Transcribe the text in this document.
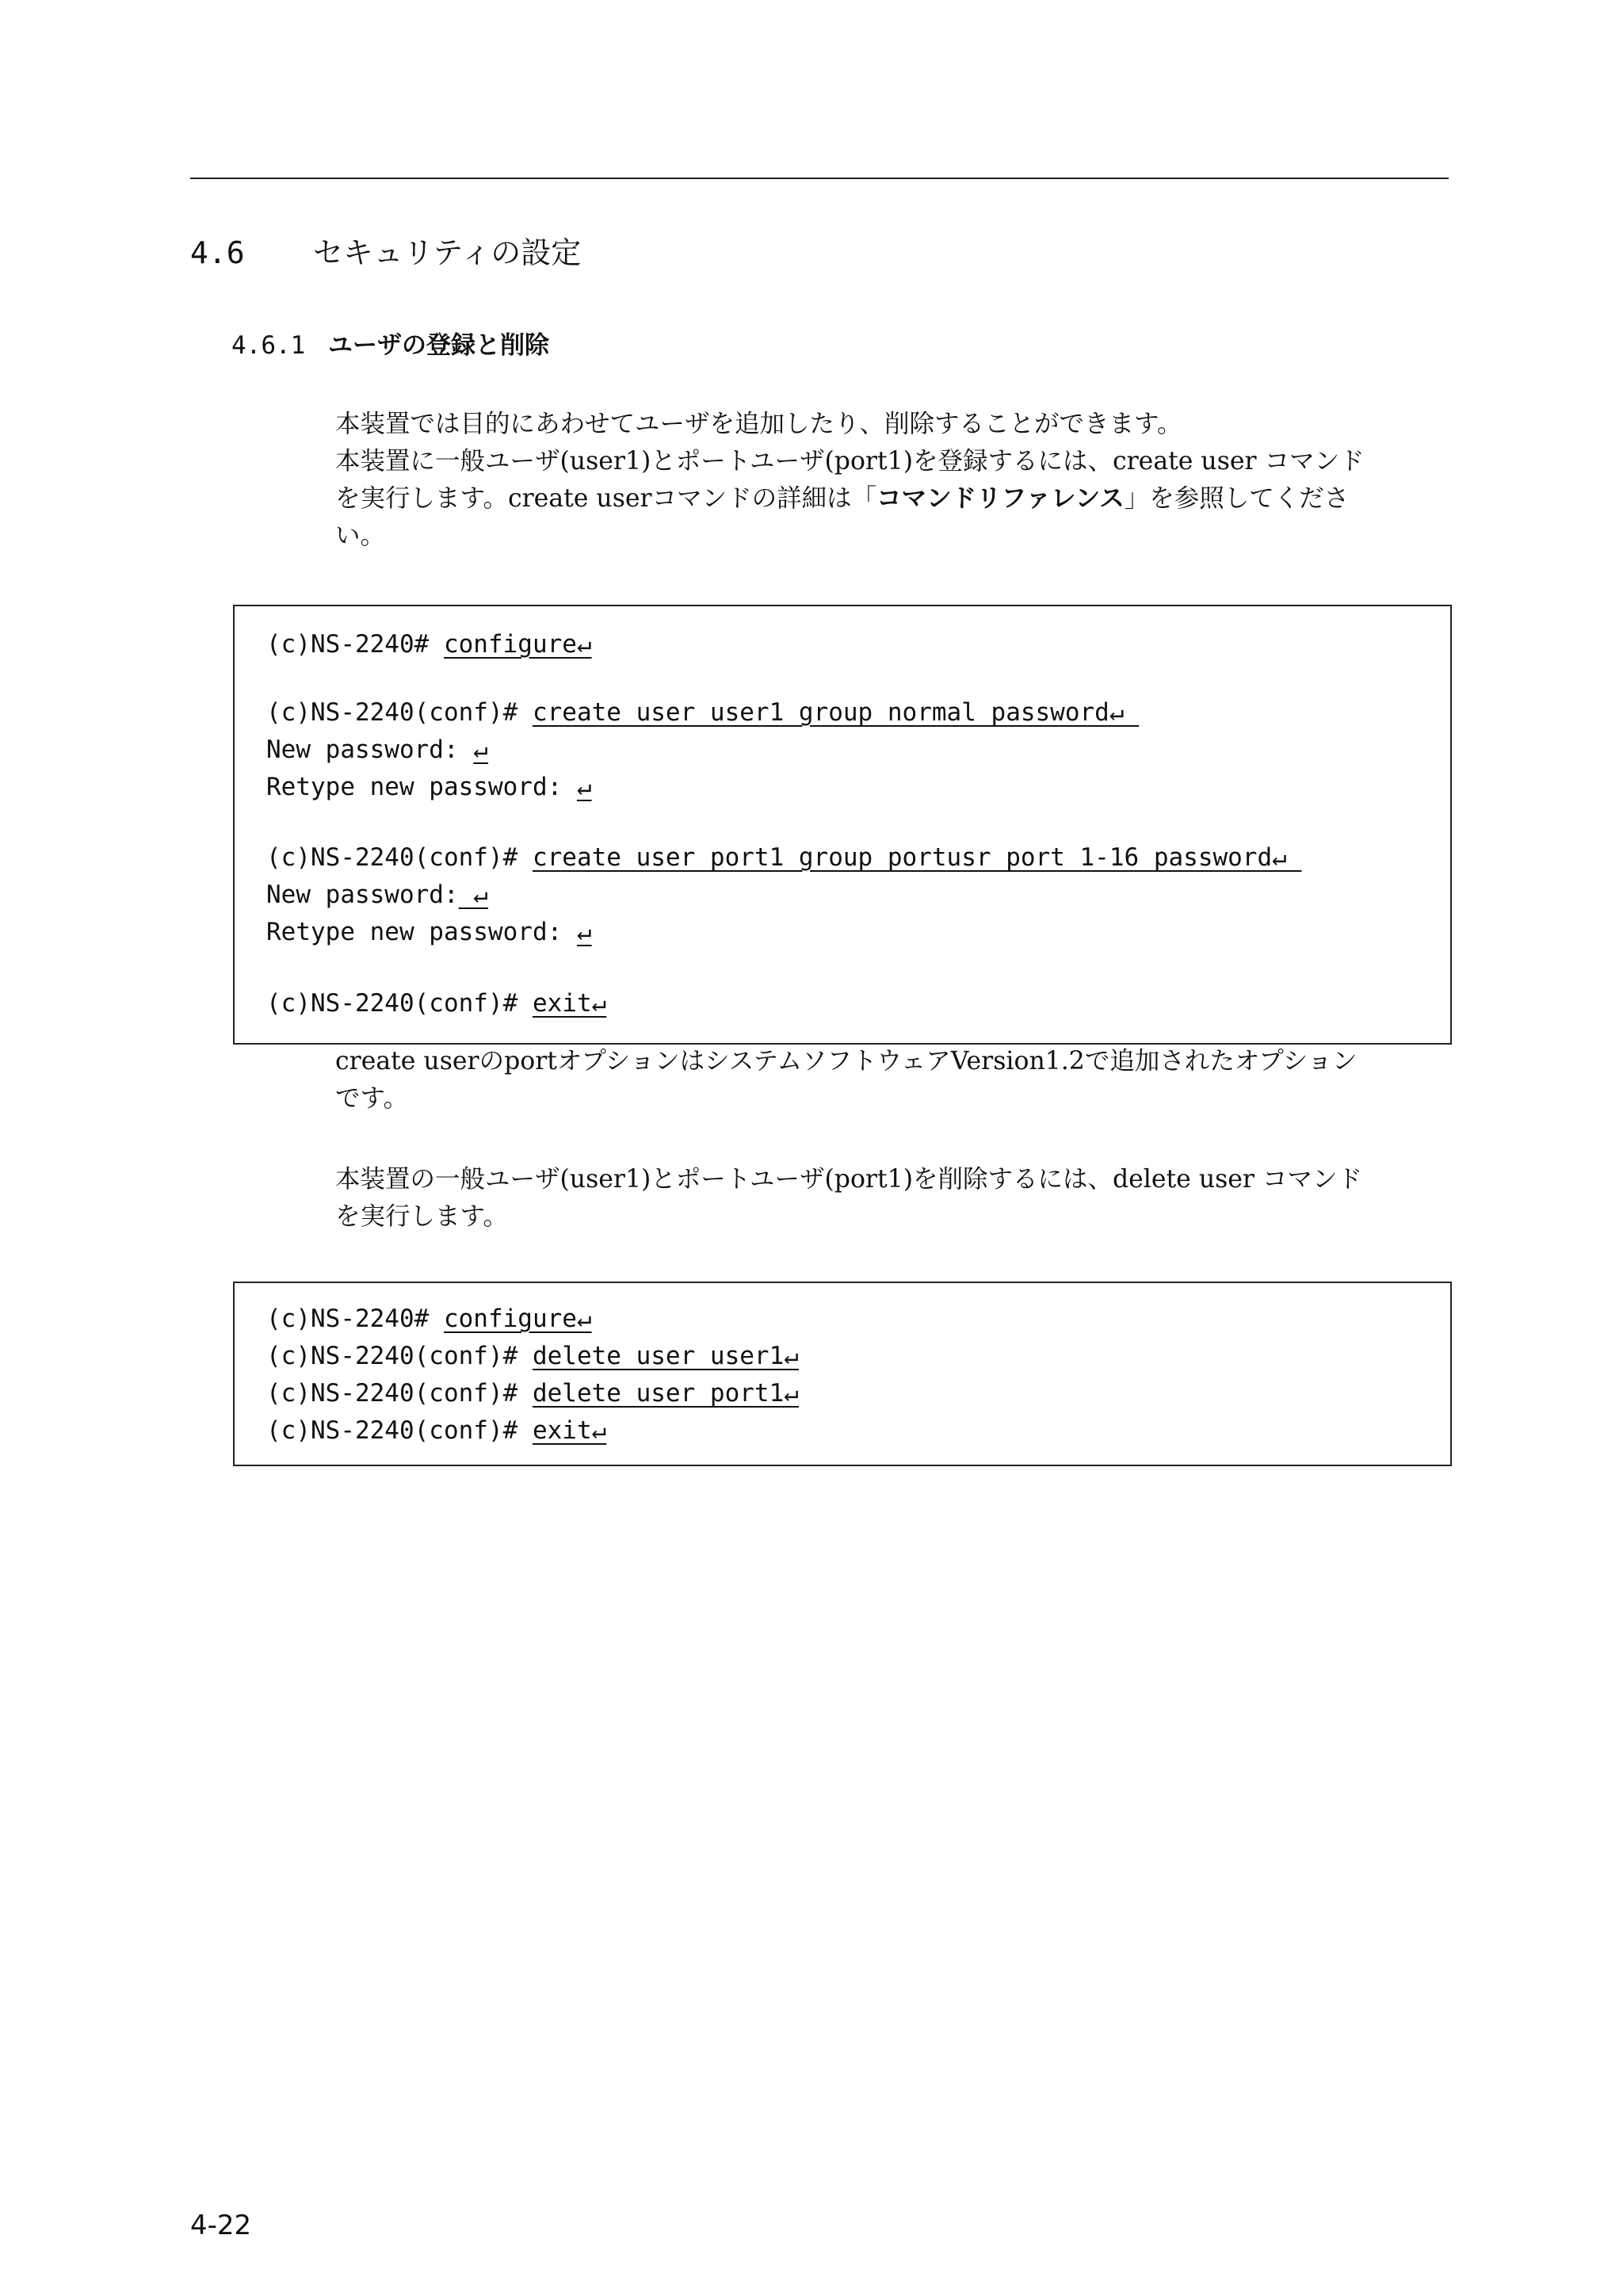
4.6 セキュリティの設定
4.6.1 ユーザの登録と削除

本装置では目的にあわせてユーザを追加したり、削除することができます。

本装置に一般ユーザ(user1)とポートユーザ(port1)を登録するには、create user コマンド

を実行します。create userコマンドの詳細は「コマンドリファレンス」を参照してくださ

い。

(c)NS-2240# configure↵
(c)NS-2240(conf)# create user user1 group normal password↵
New password: ↵
Retype new password: ↵
(c)NS-2240(conf)# create user port1 group portusr port 1-16 password↵
New password: ↵
Retype new password: ↵
(c)NS-2240(conf)# exit↵

create userのportオプションはシステムソフトウェアVersion1.2で追加されたオプション

です。

本装置の一般ユーザ(user1)とポートユーザ(port1)を削除するには、delete user コマンド

を実行します。

(c)NS-2240# configure↵
(c)NS-2240(conf)# delete user user1↵
(c)NS-2240(conf)# delete user port1↵
(c)NS-2240(conf)# exit↵
4-22
